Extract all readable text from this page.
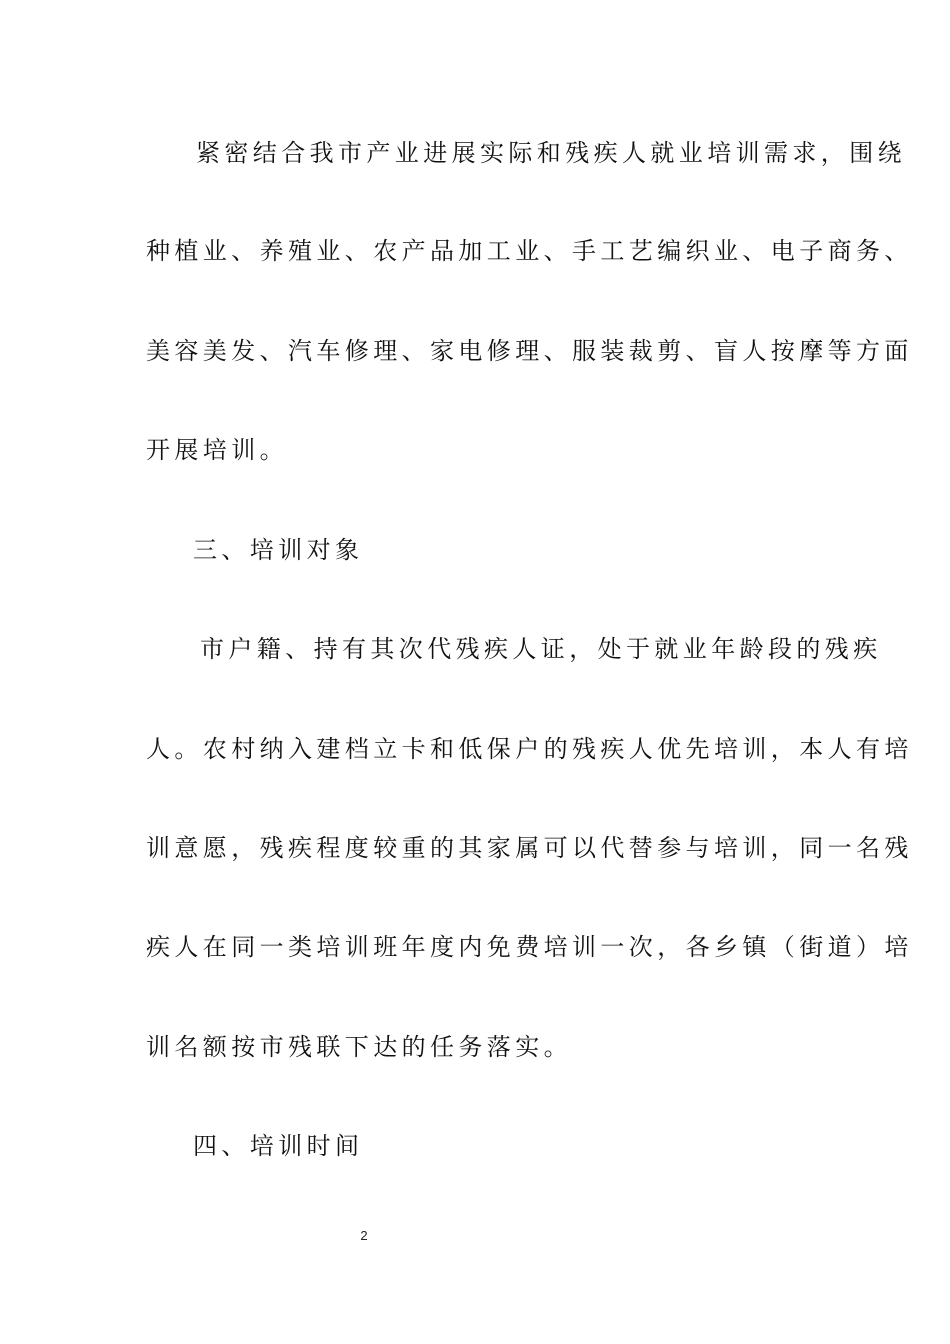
紧密结合我市产业进展实际和残疾人就业培训需求，围绕
种植业、养殖业、农产品加工业、手工艺编织业、电子商务、
美容美发、汽车修理、家电修理、服装裁剪、盲人按摩等方面
开展培训。
三、培训对象
市户籍、持有其次代残疾人证，处于就业年龄段的残疾
人。农村纳入建档立卡和低保户的残疾人优先培训，本人有培
训意愿，残疾程度较重的其家属可以代替参与培训，同一名残
疾人在同一类培训班年度内免费培训一次，各乡镇（街道）培
训名额按市残联下达的任务落实。
四、培训时间
2
